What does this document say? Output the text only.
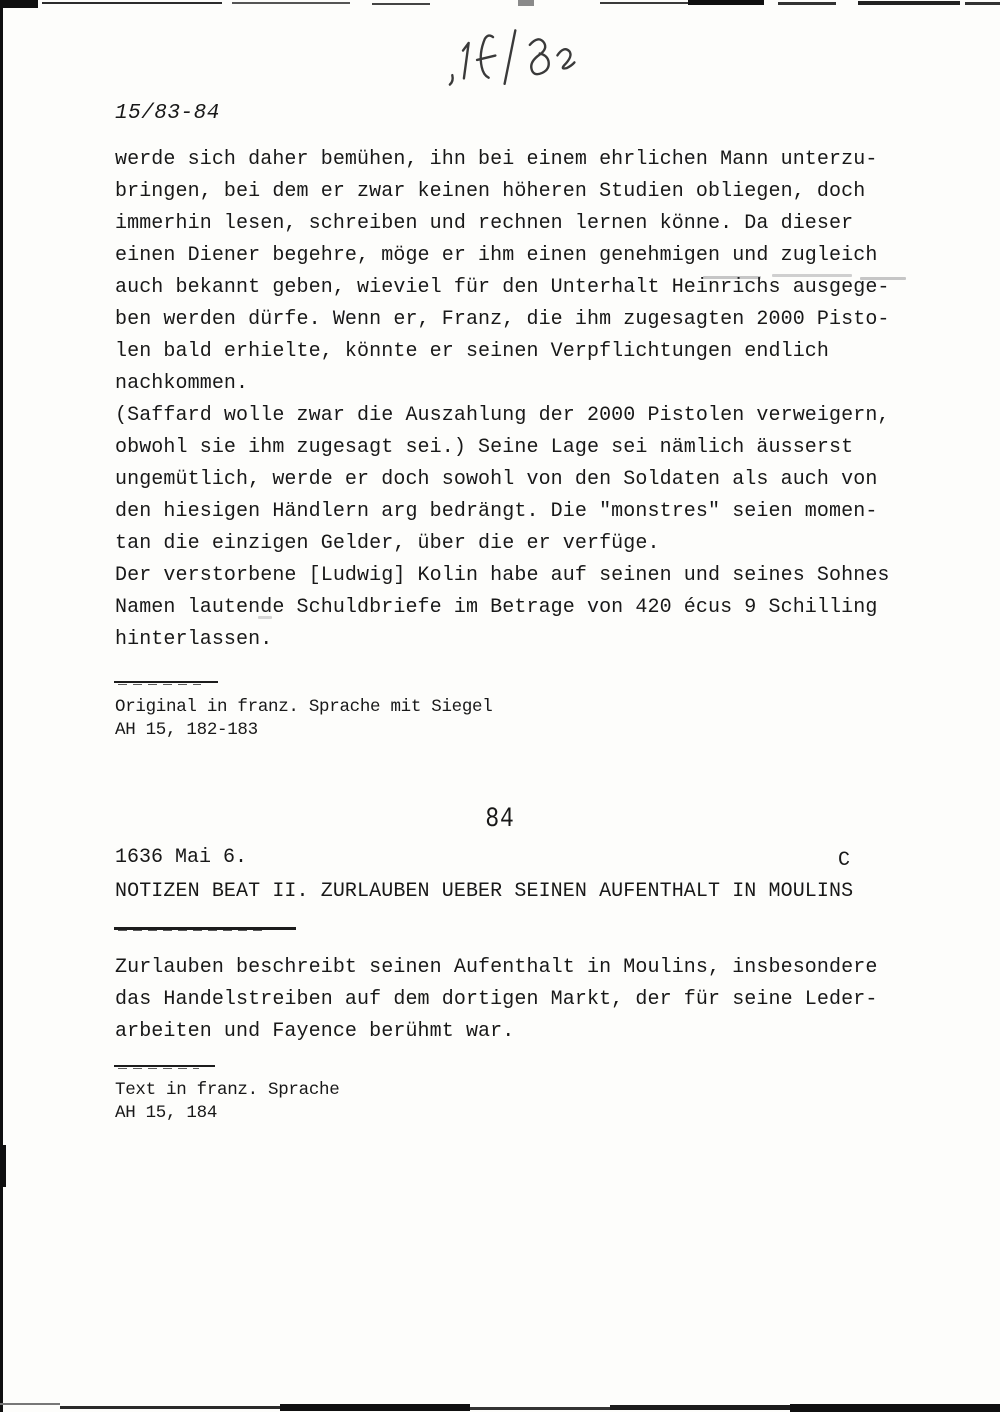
15/83-84
werde sich daher bemühen, ihn bei einem ehrlichen Mann unterzu-
bringen, bei dem er zwar keinen höheren Studien obliegen, doch
immerhin lesen, schreiben und rechnen lernen könne. Da dieser
einen Diener begehre, möge er ihm einen genehmigen und zugleich
auch bekannt geben, wieviel für den Unterhalt Heinrichs ausgege-
ben werden dürfe. Wenn er, Franz, die ihm zugesagten 2000 Pisto-
len bald erhielte, könnte er seinen Verpflichtungen endlich
nachkommen.
(Saffard wolle zwar die Auszahlung der 2000 Pistolen verweigern,
obwohl sie ihm zugesagt sei.) Seine Lage sei nämlich äusserst
ungemütlich, werde er doch sowohl von den Soldaten als auch von
den hiesigen Händlern arg bedrängt. Die "monstres" seien momen-
tan die einzigen Gelder, über die er verfüge.
Der verstorbene [Ludwig] Kolin habe auf seinen und seines Sohnes
Namen lautende Schuldbriefe im Betrage von 420 écus 9 Schilling
hinterlassen.
Original in franz. Sprache mit Siegel
AH 15, 182-183
84
1636 Mai 6.	C
NOTIZEN BEAT II. ZURLAUBEN UEBER SEINEN AUFENTHALT IN MOULINS
Zurlauben beschreibt seinen Aufenthalt in Moulins, insbesondere
das Handelstreiben auf dem dortigen Markt, der für seine Leder-
arbeiten und Fayence berühmt war.
Text in franz. Sprache
AH 15, 184
